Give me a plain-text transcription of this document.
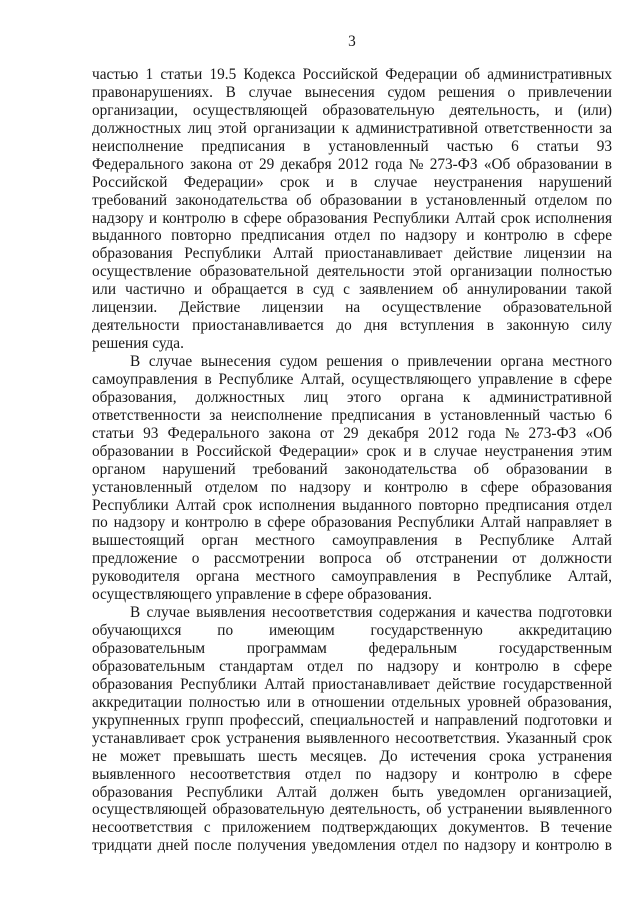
3
частью 1 статьи 19.5 Кодекса Российской Федерации об административных
правонарушениях. В случае вынесения судом решения о привлечении
организации, осуществляющей образовательную деятельность, и (или)
должностных лиц этой организации к административной ответственности за
неисполнение предписания в установленный частью 6 статьи 93
Федерального закона от 29 декабря 2012 года № 273-ФЗ «Об образовании в
Российской Федерации» срок и в случае неустранения нарушений
требований законодательства об образовании в установленный отделом по
надзору и контролю в сфере образования Республики Алтай срок исполнения
выданного повторно предписания отдел по надзору и контролю в сфере
образования Республики Алтай приостанавливает действие лицензии на
осуществление образовательной деятельности этой организации полностью
или частично и обращается в суд с заявлением об аннулировании такой
лицензии. Действие лицензии на осуществление образовательной
деятельности приостанавливается до дня вступления в законную силу
решения суда.
В случае вынесения судом решения о привлечении органа местного
самоуправления в Республике Алтай, осуществляющего управление в сфере
образования, должностных лиц этого органа к административной
ответственности за неисполнение предписания в установленный частью 6
статьи 93 Федерального закона от 29 декабря 2012 года № 273-ФЗ «Об
образовании в Российской Федерации» срок и в случае неустранения этим
органом нарушений требований законодательства об образовании в
установленный отделом по надзору и контролю в сфере образования
Республики Алтай срок исполнения выданного повторно предписания отдел
по надзору и контролю в сфере образования Республики Алтай направляет в
вышестоящий орган местного самоуправления в Республике Алтай
предложение о рассмотрении вопроса об отстранении от должности
руководителя органа местного самоуправления в Республике Алтай,
осуществляющего управление в сфере образования.
В случае выявления несоответствия содержания и качества подготовки
обучающихся по имеющим государственную аккредитацию
образовательным программам федеральным государственным
образовательным стандартам отдел по надзору и контролю в сфере
образования Республики Алтай приостанавливает действие государственной
аккредитации полностью или в отношении отдельных уровней образования,
укрупненных групп профессий, специальностей и направлений подготовки и
устанавливает срок устранения выявленного несоответствия. Указанный срок
не может превышать шесть месяцев. До истечения срока устранения
выявленного несоответствия отдел по надзору и контролю в сфере
образования Республики Алтай должен быть уведомлен организацией,
осуществляющей образовательную деятельность, об устранении выявленного
несоответствия с приложением подтверждающих документов. В течение
тридцати дней после получения уведомления отдел по надзору и контролю в
